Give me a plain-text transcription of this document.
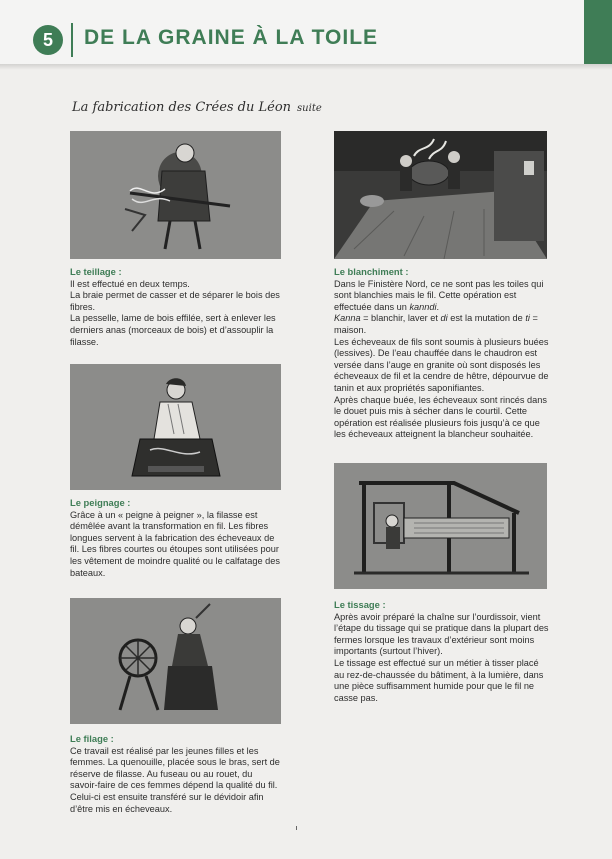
5	DE LA GRAINE À LA TOILE
La fabrication des Crées du Léon suite
Le teillage :

Il est effectué en deux temps.

La braie permet de casser et de séparer le bois des fibres.

La pesselle, lame de bois effilée, sert à enlever les derniers anas (morceaux de bois) et d’assouplir la filasse.

Le peignage :

Grâce à un « peigne à peigner », la filasse est démêlée avant la transformation en fil. Les fibres longues servent à la fabrication des écheveaux de fil. Les fibres courtes ou étoupes sont utilisées pour les vêtement de moindre qualité ou le calfatage des bateaux.

Le filage :

Ce travail est réalisé par les jeunes filles et les femmes. La quenouille, placée sous le bras, sert de réserve de filasse. Au fuseau ou au rouet, du savoir-faire de ces femmes dépend la qualité du fil. Celui-ci est ensuite transféré sur le dévidoir afin d’être mis en écheveaux.

Le blanchiment :

Dans le Finistère Nord, ce ne sont pas les toiles qui sont blanchies mais le fil. Cette opération est effectuée dans un kanndi.

Kanna = blanchir, laver et di est la mutation de ti = maison.

Les écheveaux de fils sont soumis à plusieurs buées (lessives). De l’eau chauffée dans le chaudron est versée dans l’auge en granite où sont disposés les écheveaux de fil et la cendre de hêtre, dépourvue de tanin et aux propriétés saponifiantes.

Après chaque buée, les écheveaux sont rincés dans le douet puis mis à sécher dans le courtil. Cette opération est réalisée plusieurs fois jusqu’à ce que les écheveaux atteignent la blancheur souhaitée.

Le tissage :

Après avoir préparé la chaîne sur l’ourdissoir, vient l’étape du tissage qui se pratique dans la plupart des fermes lorsque les travaux d’extérieur sont moins importants (surtout l’hiver).

Le tissage est effectué sur un métier à tisser placé au rez-de-chaussée du bâtiment, à la lumière, dans une pièce suffisamment humide pour que le fil ne casse pas.
